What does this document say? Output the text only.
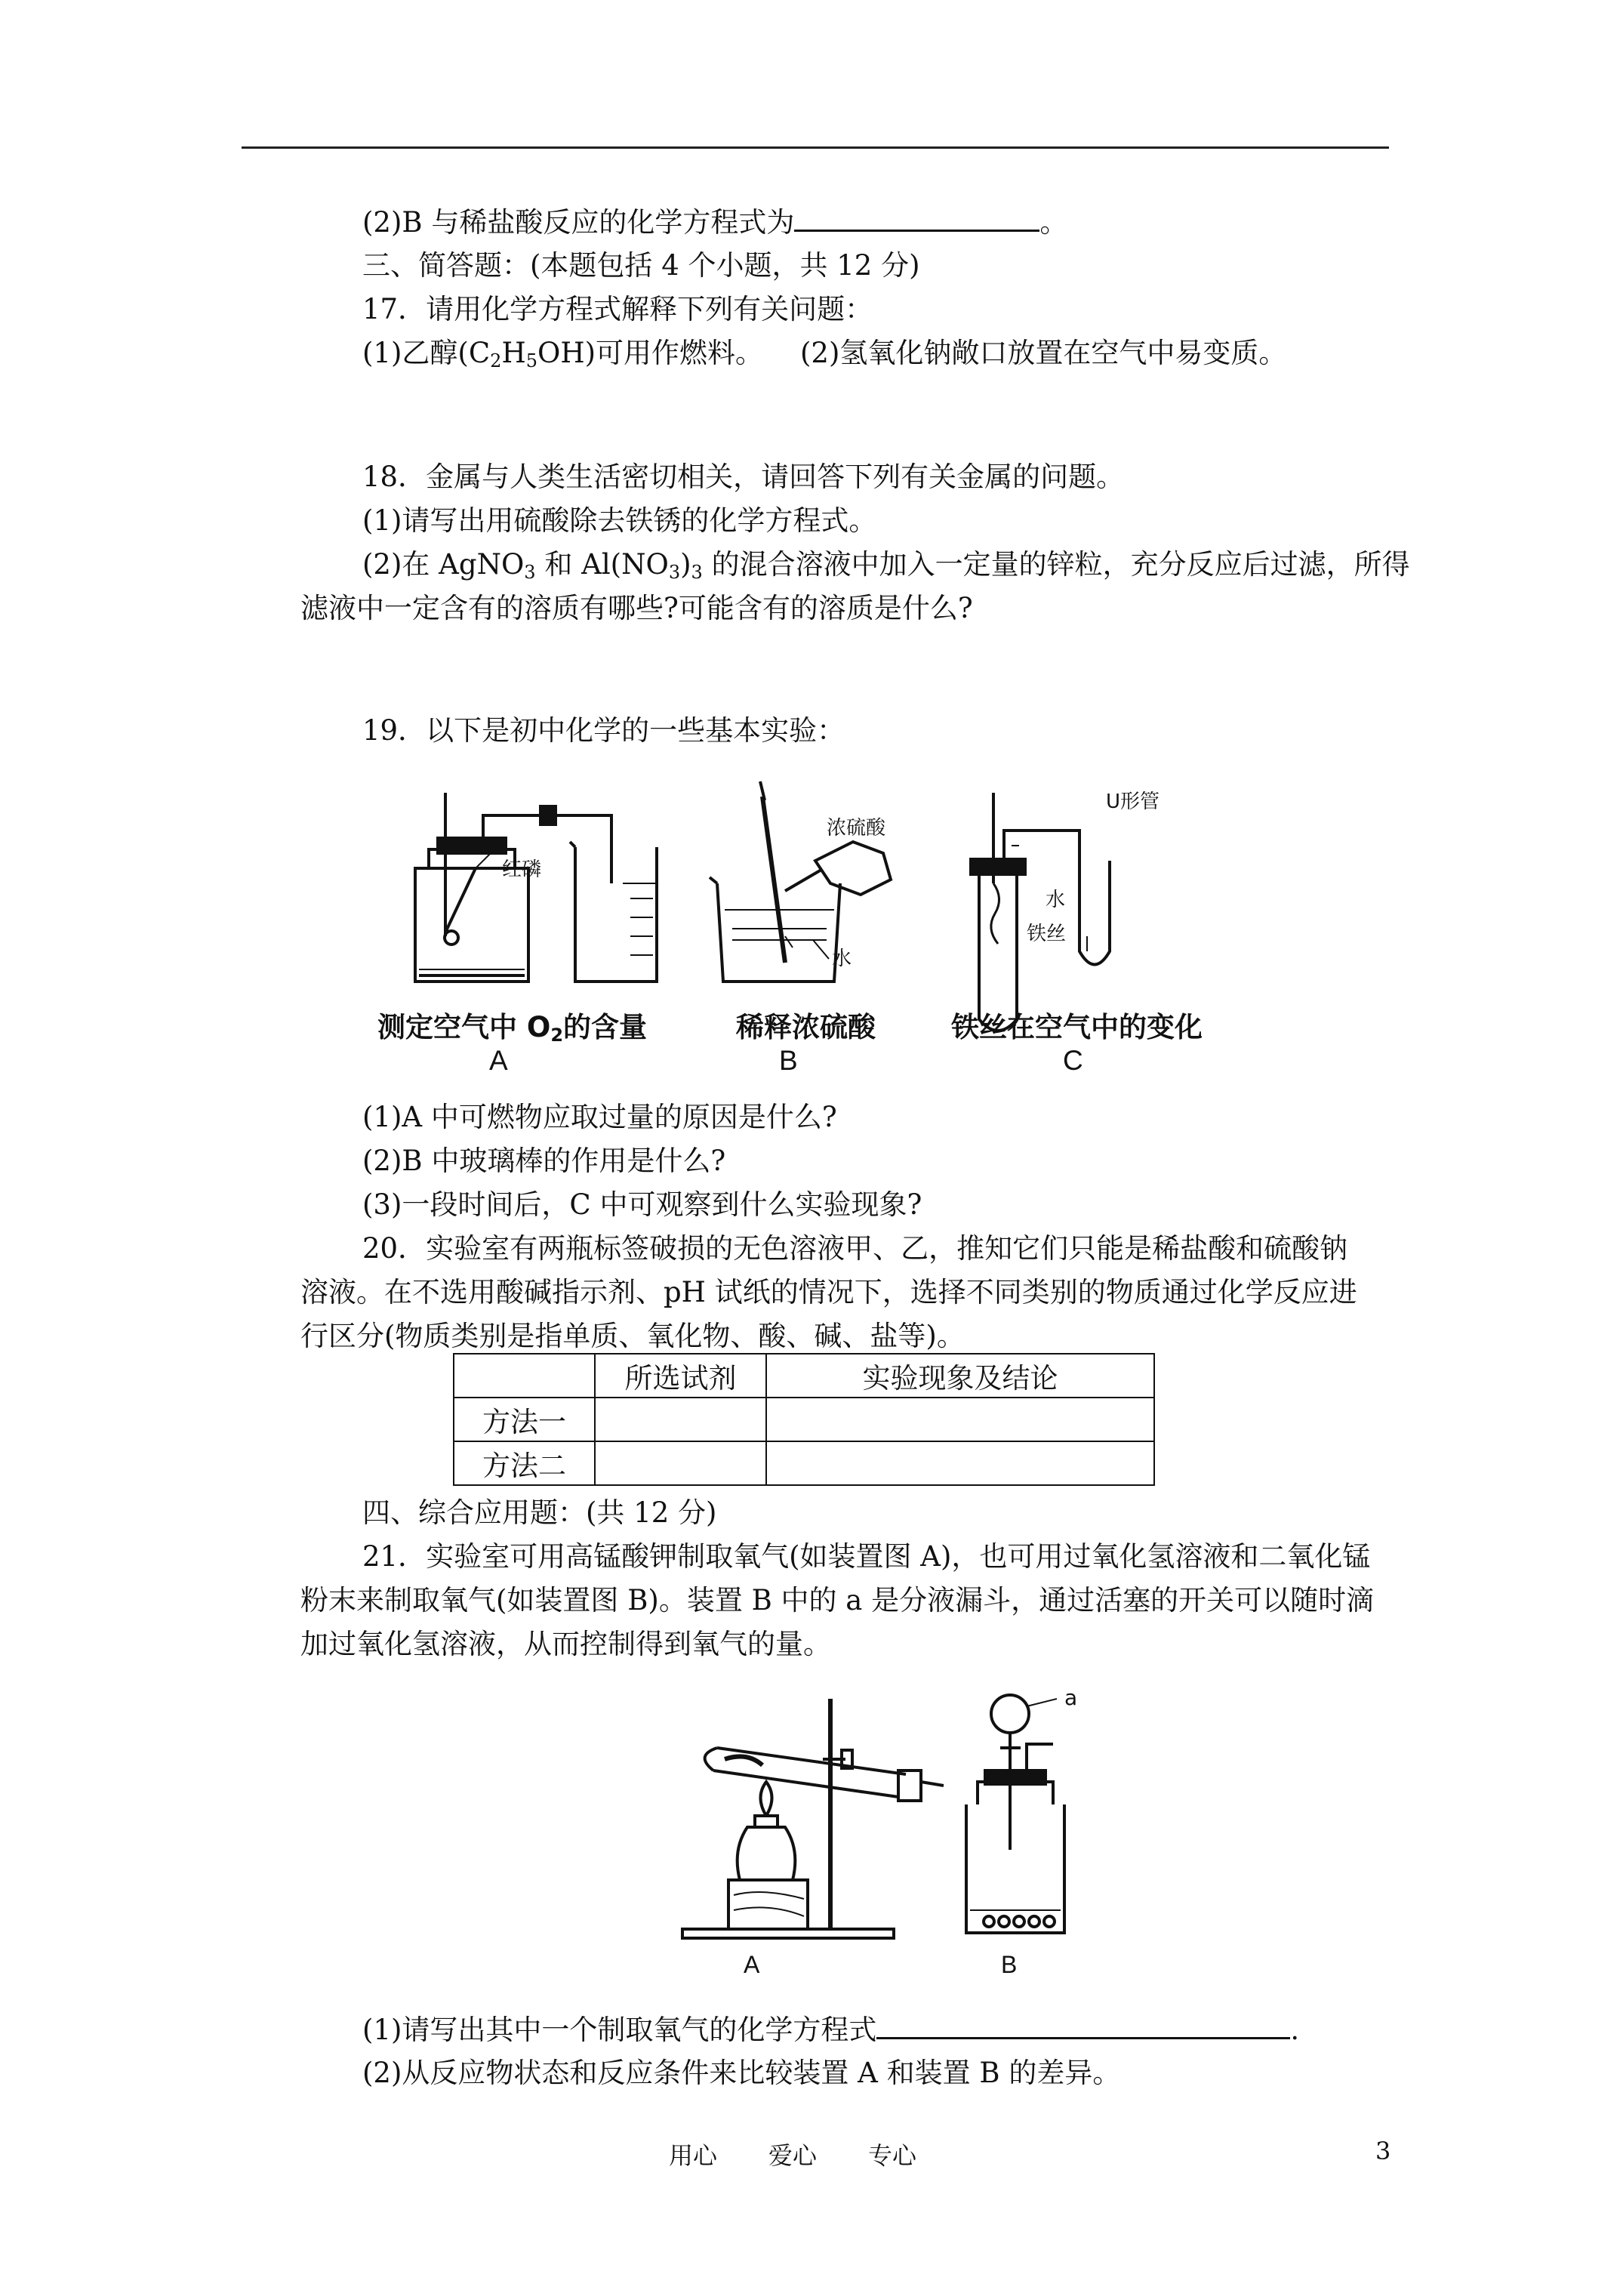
(2)B 与稀盐酸反应的化学方程式为	。
三、简答题：(本题包括 4 个小题，共 12 分)
17．请用化学方程式解释下列有关问题：
(1)乙醇$(C_2H_5OH)$可用作燃料。 (2)氢氧化钠敞口放置在空气中易变质。
18．金属与人类生活密切相关，请回答下列有关金属的问题。
(1)请写出用硫酸除去铁锈的化学方程式。
(2)在 AgNO$_3$ 和 $Al(NO_3)_3$ 的混合溶液中加入一定量的锌粒，充分反应后过滤，所得
滤液中一定含有的溶质有哪些?可能含有的溶质是什么?
19．以下是初中化学的一些基本实验：
红磷
浓硫酸
水
U形管
水
铁丝
测定空气中 $O_2$的含量	稀释浓硫酸	铁丝在空气中的变化
A	B	C
(1)A 中可燃物应取过量的原因是什么?
(2)B 中玻璃棒的作用是什么?
(3)一段时间后，C 中可观察到什么实验现象?
20．实验室有两瓶标签破损的无色溶液甲、乙，推知它们只能是稀盐酸和硫酸钠
溶液。在不选用酸碱指示剂、pH 试纸的情况下，选择不同类别的物质通过化学反应进
行区分(物质类别是指单质、氧化物、酸、碱、盐等)。
	所选试剂	实验现象及结论
方法一		
方法二		
四、综合应用题：(共 12 分)
21．实验室可用高锰酸钾制取氧气(如装置图 A)，也可用过氧化氢溶液和二氧化锰
粉末来制取氧气(如装置图 B)。装置 B 中的 a 是分液漏斗，通过活塞的开关可以随时滴
加过氧化氢溶液，从而控制得到氧气的量。
a
A	B
(1)请写出其中一个制取氧气的化学方程式	.
(2)从反应物状态和反应条件来比较装置 A 和装置 B 的差异。
用心 爱心 专心	3
